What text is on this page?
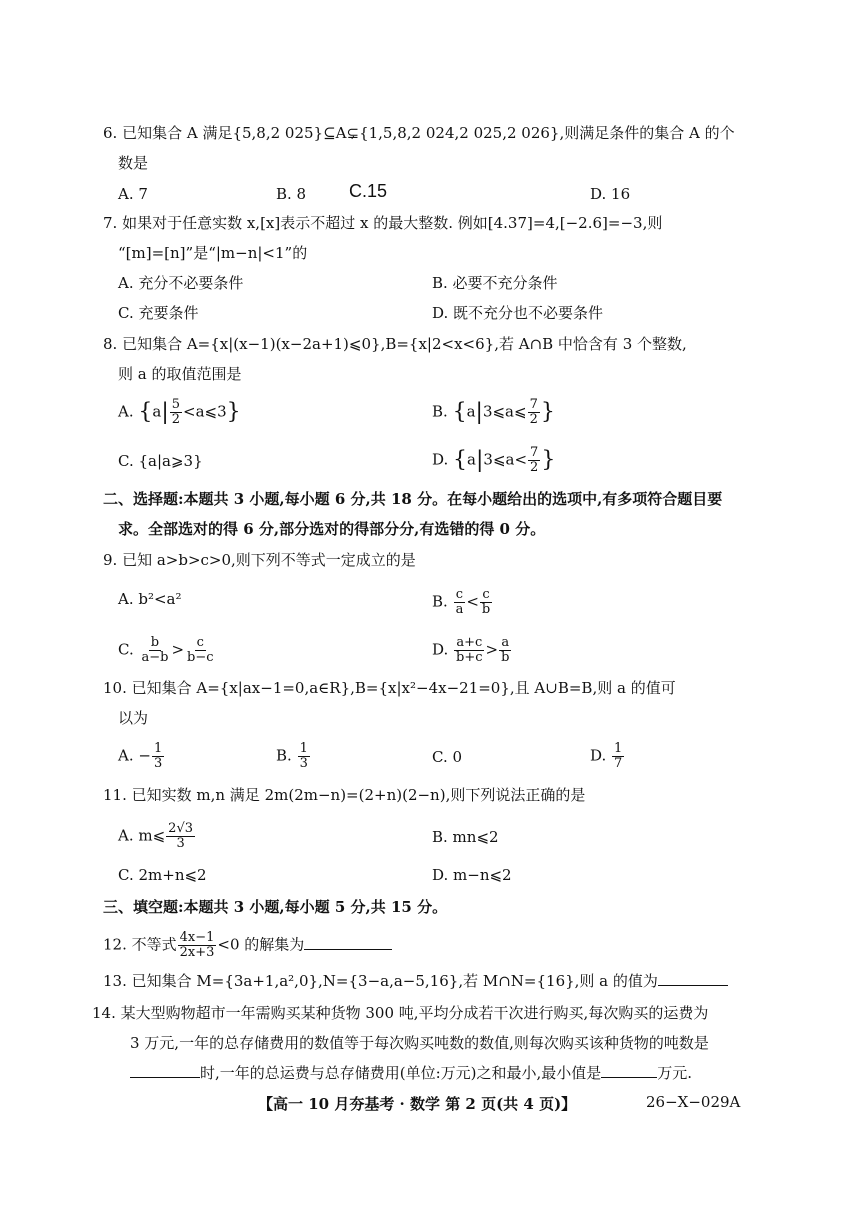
6. 已知集合 A 满足{5,8,2 025}⊆A⊊{1,5,8,2 024,2 025,2 026},则满足条件的集合 A 的个
数是
A. 7	B. 8 C.15	D. 16
7. 如果对于任意实数 x,[x]表示不超过 x 的最大整数. 例如[4.37]=4,[−2.6]=−3,则
“[m]=[n]”是“|m−n|<1”的
A. 充分不必要条件	B. 必要不充分条件
C. 充要条件	D. 既不充分也不必要条件
8. 已知集合 A={x|(x−1)(x−2a+1)⩽0},B={x|2<x<6},若 A∩B 中恰含有 3 个整数,
则 a 的取值范围是
A. {$a| \frac{5}{2}$ <a⩽3}	B. {a|3⩽a⩽ $\frac{7}{2}$ }
C. {a|a⩾3}	D. {a|3⩽a< $\frac{7}{2}$ }
二、选择题:本题共 3 小题,每小题 6 分,共 18 分。在每小题给出的选项中,有多项符合题目要
求。全部选对的得 6 分,部分选对的得部分分,有选错的得 0 分。
9. 已知 a>b>c>0,则下列不等式一定成立的是
A. b²<a²	B. $\frac{c}{a} < \frac{c}{b}$
C. $\frac{b}{a-b} > \frac{c}{b-c}$	D. $\frac{a+c}{b+c} > \frac{a}{b}$
10. 已知集合 A={x|ax−1=0,a∈R},B={x|x²−4x−21=0},且 A∪B=B,则 a 的值可
以为
A. − $\frac{1}{3}$	B. $\frac{1}{3}$	C. 0	D. $\frac{1}{7}$
11. 已知实数 m,n 满足 2m(2m−n)=(2+n)(2−n),则下列说法正确的是
A. m⩽ $\frac{2√3}{3}$	B. mn⩽2
C. 2m+n⩽2	D. m−n⩽2
三、填空题:本题共 3 小题,每小题 5 分,共 15 分。
12. 不等式 $\frac{4x-1}{2x+3} <0$ 的解集为
13. 已知集合 M={3a+1,a²,0},N={3−a,a−5,16},若 M∩N={16},则 a 的值为
14. 某大型购物超市一年需购买某种货物 300 吨,平均分成若干次进行购买,每次购买的运费为
3 万元,一年的总存储费用的数值等于每次购买吨数的数值,则每次购买该种货物的吨数是
时,一年的总运费与总存储费用(单位:万元)之和最小,最小值是	万元.
【高一 10 月夯基考 · 数学 第 2 页(共 4 页)】	26−X−029A
